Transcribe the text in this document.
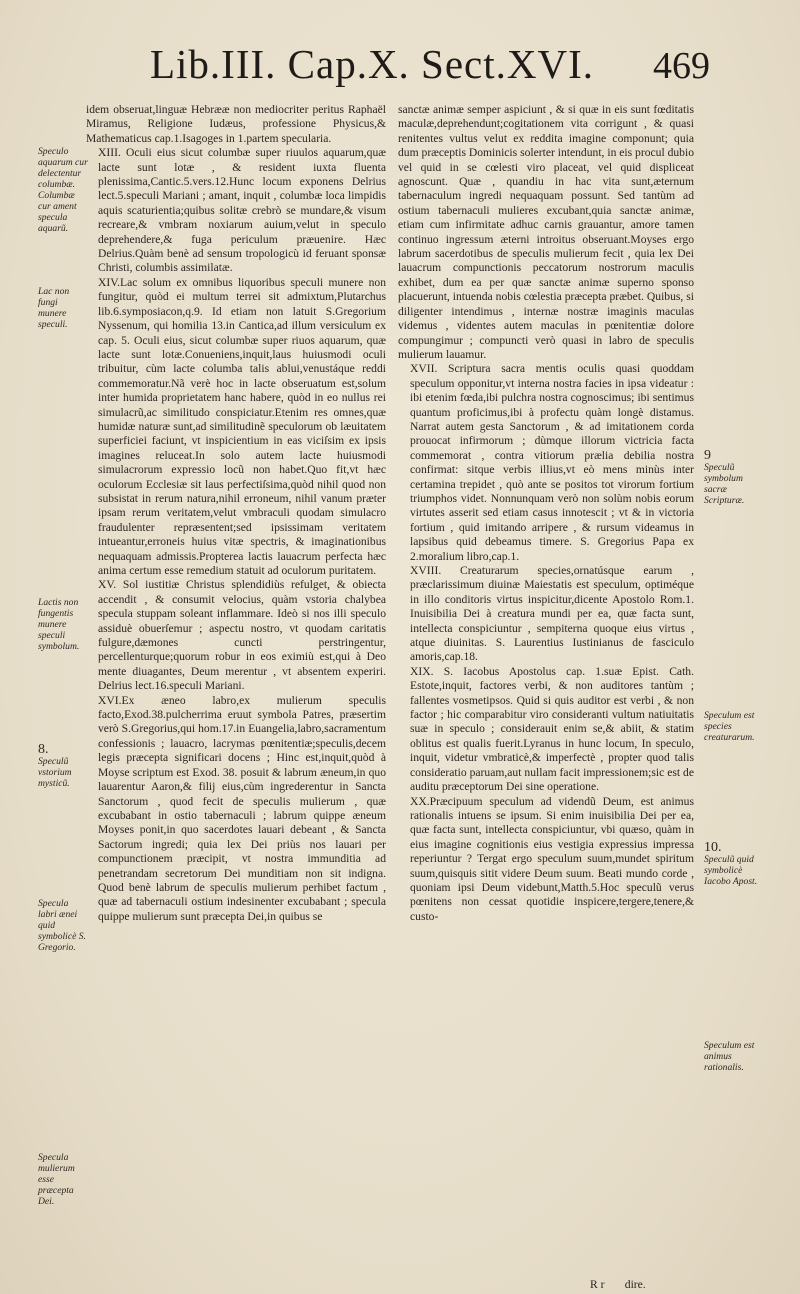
Lib.III. Cap.X. Sect.XVI. 469

idem obseruat,linguæ Hebrææ non mediocriter peritus Raphaël Miramus, Religione Iudæus, professione Physicus,& Mathematicus cap.1.Isagoges in 1.partem specularia.

XIII. Oculi eius sicut columbæ super riuulos aquarum,quæ lacte sunt lotæ , & resident iuxta fluenta plenissima,Cantic.5.vers.12.Hunc locum exponens Delrius lect.5.speculi Mariani ; amant, inquit , columbæ loca limpidis aquis scaturientia;quibus solitæ crebrò se mundare,& visum recreare,& vmbram noxiarum auium,velut in speculo deprehendere,& fuga periculum præuenire. Hæc Delrius.Quàm benè ad sensum tropologicù id feruant sponsæ Christi, columbis assimilatæ.

XIV.Lac solum ex omnibus liquoribus speculi munere non fungitur, quòd ei multum terrei sit admixtum,Plutarchus lib.6.symposiacon,q.9. Id etiam non latuit S.Gregorium Nyssenum, qui homilia 13.in Cantica,ad illum versiculum ex cap. 5. Oculi eius, sicut columbæ super riuos aquarum, quæ lacte sunt lotæ.Conueniens,inquit,laus huiusmodi oculi tribuitur, cùm lacte columba talis ablui,venustáque reddi commemoratur.Nã verè hoc in lacte obseruatum est,solum inter humida proprietatem hanc habere, quòd in eo nullus rei simulacrũ,ac similitudo conspiciatur.Etenim res omnes,quæ humidæ naturæ sunt,ad similitudinẽ speculorum ob læuitatem superficiei faciunt, vt inspicientium in eas viciſsim ex ipsis imagines reluceat.In solo autem lacte huiusmodi simulacrorum expressio locũ non habet.Quo fit,vt hæc oculorum Ecclesiæ sit laus perfectiſsima,quòd nihil quod non subsistat in rerum natura,nihil erroneum, nihil vanum præter ipsam rerum veritatem,velut vmbraculi quodam simulacro fraudulenter repræsentent;sed ipsissimam veritatem intueantur,erroneis huius vitæ spectris, & imaginationibus nequaquam admissis.Propterea lactis lauacrum perfecta hæc anima certum esse remedium statuit ad oculorum puritatem.

XV. Sol iustitiæ Christus splendidiùs refulget, & obiecta accendit , & consumit velocius, quàm vstoria chalybea specula stuppam soleant inflammare. Ideò si nos illi speculo assiduè obuerſemur ; aspectu nostro, vt quodam caritatis fulgure,dæmones cuncti perstringentur, percellenturque;quorum robur in eos eximiù est,qui à Deo mente diuagantes, Deum merentur , vt absentem experiri. Delrius lect.16.speculi Mariani.

XVI.Ex æneo labro,ex mulierum speculis facto,Exod.38.pulcherrima eruut symbola Patres, præsertim verò S.Gregorius,qui hom.17.in Euangelia,labro,sacramentum confessionis ; lauacro, lacrymas pœnitentiæ;speculis,decem legis præcepta significari docens ; Hinc est,inquit,quòd à Moyse scriptum est Exod. 38. posuit & labrum æneum,in quo lauarentur Aaron,& filij eius,cùm ingrederentur in Sancta Sanctorum , quod fecit de speculis mulierum , quæ excubabant in ostio tabernaculi ; labrum quippe æneum Moyses ponit,in quo sacerdotes lauari debeant , & Sancta Sactorum ingredi; quia lex Dei priùs nos lauari per compunctionem præcipit, vt nostra immunditia ad penetrandam secretorum Dei munditiam non sit indigna. Quod benè labrum de speculis mulierum perhibet factum , quæ ad tabernaculi ostium indesinenter excubabant ; specula quippe mulierum sunt præcepta Dei,in quibus se

sanctæ animæ semper aspiciunt , & si quæ in eis sunt fœditatis maculæ,deprehendunt;cogitationem vita corrigunt , & quasi renitentes vultus velut ex reddita imagine componunt; quia dum præceptis Dominicis solerter intendunt, in eis procul dubio vel quid in se cœlesti viro placeat, vel quid displiceat agnoscunt. Quæ , quandiu in hac vita sunt,æternum tabernaculum ingredi nequaquam possunt. Sed tantùm ad ostium tabernaculi mulieres excubant,quia sanctæ animæ, etiam cum infirmitate adhuc carnis grauantur, amore tamen continuo ingressum æterni introitus obseruant.Moyses ergo labrum sacerdotibus de speculis mulierum fecit , quia lex Dei lauacrum compunctionis peccatorum nostrorum maculis exhibet, dum ea per quæ sanctæ animæ superno sponso placuerunt, intuenda nobis cœlestia præcepta præbet. Quibus, si diligenter intendimus , internæ nostræ imaginis maculas videmus , videntes autem maculas in pœnitentiæ dolore compungimur ; compuncti verò quasi in labro de speculis mulierum lauamur.

XVII. Scriptura sacra mentis oculis quasi quoddam speculum opponitur,vt interna nostra facies in ipsa videatur : ibi etenim fœda,ibi pulchra nostra cognoscimus; ibi sentimus quantum proficimus,ibi à profectu quàm longè distamus. Narrat autem gesta Sanctorum , & ad imitationem corda prouocat infirmorum ; dùmque illorum victricia facta commemorat , contra vitiorum prælia debilia nostra confirmat: sitque verbis illius,vt eò mens minùs inter certamina trepidet , quò ante se positos tot virorum fortium triumphos videt. Nonnunquam verò non solùm nobis eorum virtutes asserit sed etiam casus innotescit ; vt & in victoria fortium , quid imitando arripere , & rursum videamus in lapsibus quid debeamus timere. S. Gregorius Papa ex 2.moralium libro,cap.1.

XVIII. Creaturarum species,ornatúsque earum , præclarissimum diuinæ Maiestatis est speculum, optiméque in illo conditoris virtus inspicitur,dicente Apostolo Rom.1. Inuisibilia Dei à creatura mundi per ea, quæ facta sunt, intellecta conspiciuntur , sempiterna quoque eius virtus , atque diuinitas. S. Laurentius Iustinianus de fasciculo amoris,cap.18.

XIX. S. Iacobus Apostolus cap. 1.suæ Epist. Cath. Estote,inquit, factores verbi, & non auditores tantùm ; fallentes vosmetipsos. Quid si quis auditor est verbi , & non factor ; hic comparabitur viro consideranti vultum natiuitatis suæ in speculo ; considerauit enim se,& abiit, & statim oblitus est qualis fuerit.Lyranus in hunc locum, In speculo, inquit, videtur vmbraticè,& imperfectè , propter quod talis consideratio paruam,aut nullam facit impressionem;sic est de auditu præceptorum Dei sine operatione.

XX.Præcipuum speculum ad videndũ Deum, est animus rationalis intuens se ipsum. Si enim inuisibilia Dei per ea, quæ facta sunt, intellecta conspiciuntur, vbi quæso, quàm in eius imagine cognitionis eius vestigia expressius impressa reperiuntur ? Tergat ergo speculum suum,mundet spiritum suum,quisquis sitit videre Deum suum. Beati mundo corde , quoniam ipsi Deum videbunt,Matth.5.Hoc speculũ verus pœnitens non cessat quotidie inspicere,tergere,tenere,& custo-

Speculo aquarum cur delectentur columbæ. Columbæ cur ament specula aquarũ.
Lac non fungi munere speculi.
Lactis non fungentis munere speculi symbolum.
8.
Speculũ vstorium mysticũ.
Specula labri ænei quid symbolicè S. Gregorio.
Specula mulierum esse præcepta Dei.
9
Speculũ symbolum sacræ Scripturæ.
Speculum est species creaturarum.
10.
Speculũ quid symbolicè Iacobo Apost.
Speculum est animus rationalis.
R r       dire.
